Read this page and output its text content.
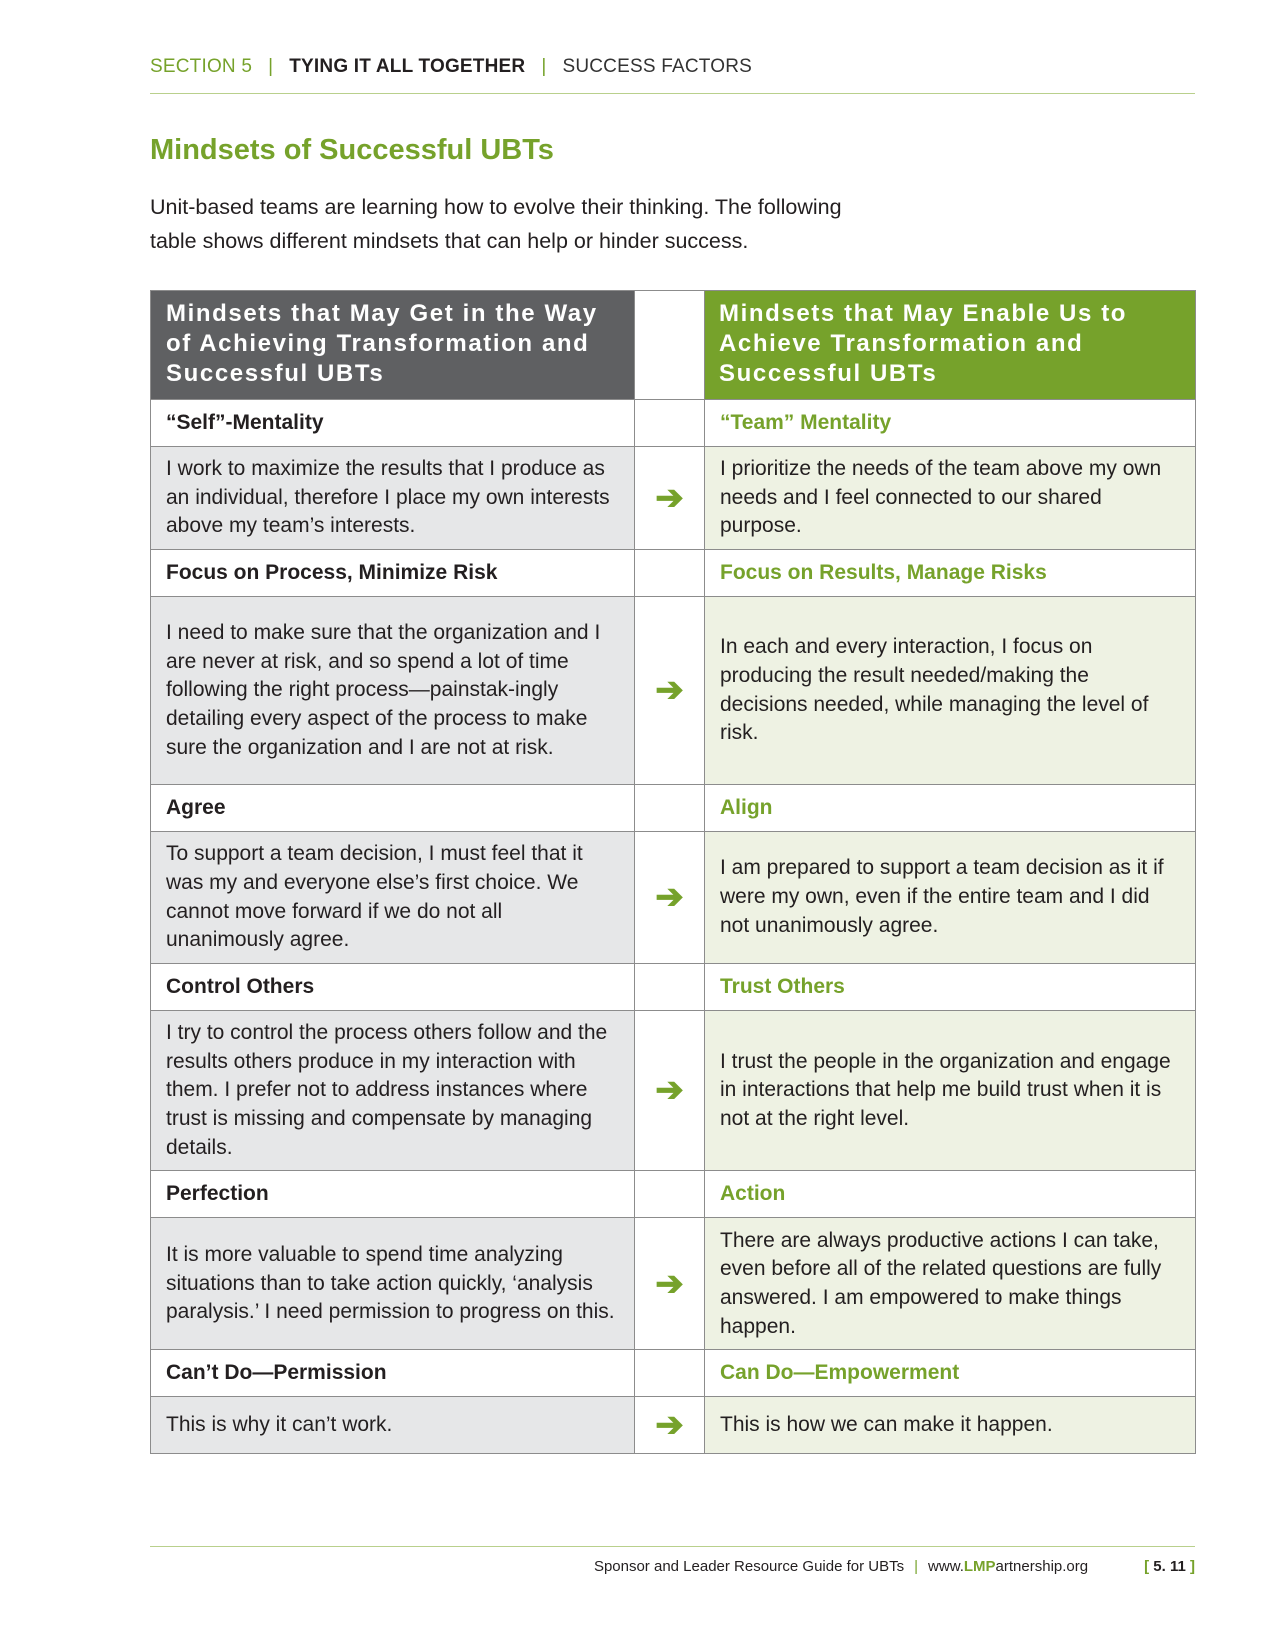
SECTION 5 | TYING IT ALL TOGETHER | SUCCESS FACTORS
Mindsets of Successful UBTs

Unit-based teams are learning how to evolve their thinking. The following table shows different mindsets that can help or hinder success.

Mindsets that May Get in the Way of Achieving Transformation and Successful UBTs		Mindsets that May Enable Us to Achieve Transformation and Successful UBTs
“Self”-Mentality		“Team” Mentality
I work to maximize the results that I produce as an individual, therefore I place my own interests above my team’s interests.	➔	I prioritize the needs of the team above my own needs and I feel connected to our shared purpose.
Focus on Process, Minimize Risk		Focus on Results, Manage Risks
I need to make sure that the organization and I are never at risk, and so spend a lot of time following the right process—painstak-ingly detailing every aspect of the process to make sure the organization and I are not at risk.	➔	In each and every interaction, I focus on producing the result needed/making the decisions needed, while managing the level of risk.
Agree		Align
To support a team decision, I must feel that it was my and everyone else’s first choice. We cannot move forward if we do not all unanimously agree.	➔	I am prepared to support a team decision as it if were my own, even if the entire team and I did not unanimously agree.
Control Others		Trust Others
I try to control the process others follow and the results others produce in my interaction with them. I prefer not to address instances where trust is missing and compensate by managing details.	➔	I trust the people in the organization and engage in interactions that help me build trust when it is not at the right level.
Perfection		Action
It is more valuable to spend time analyzing situations than to take action quickly, ‘analysis paralysis.’ I need permission to progress on this.	➔	There are always productive actions I can take, even before all of the related questions are fully answered. I am empowered to make things happen.
Can’t Do—Permission		Can Do—Empowerment
This is why it can’t work.	➔	This is how we can make it happen.
Sponsor and Leader Resource Guide for UBTs | www.LMPartnership.org	[ 5. 11 ]
